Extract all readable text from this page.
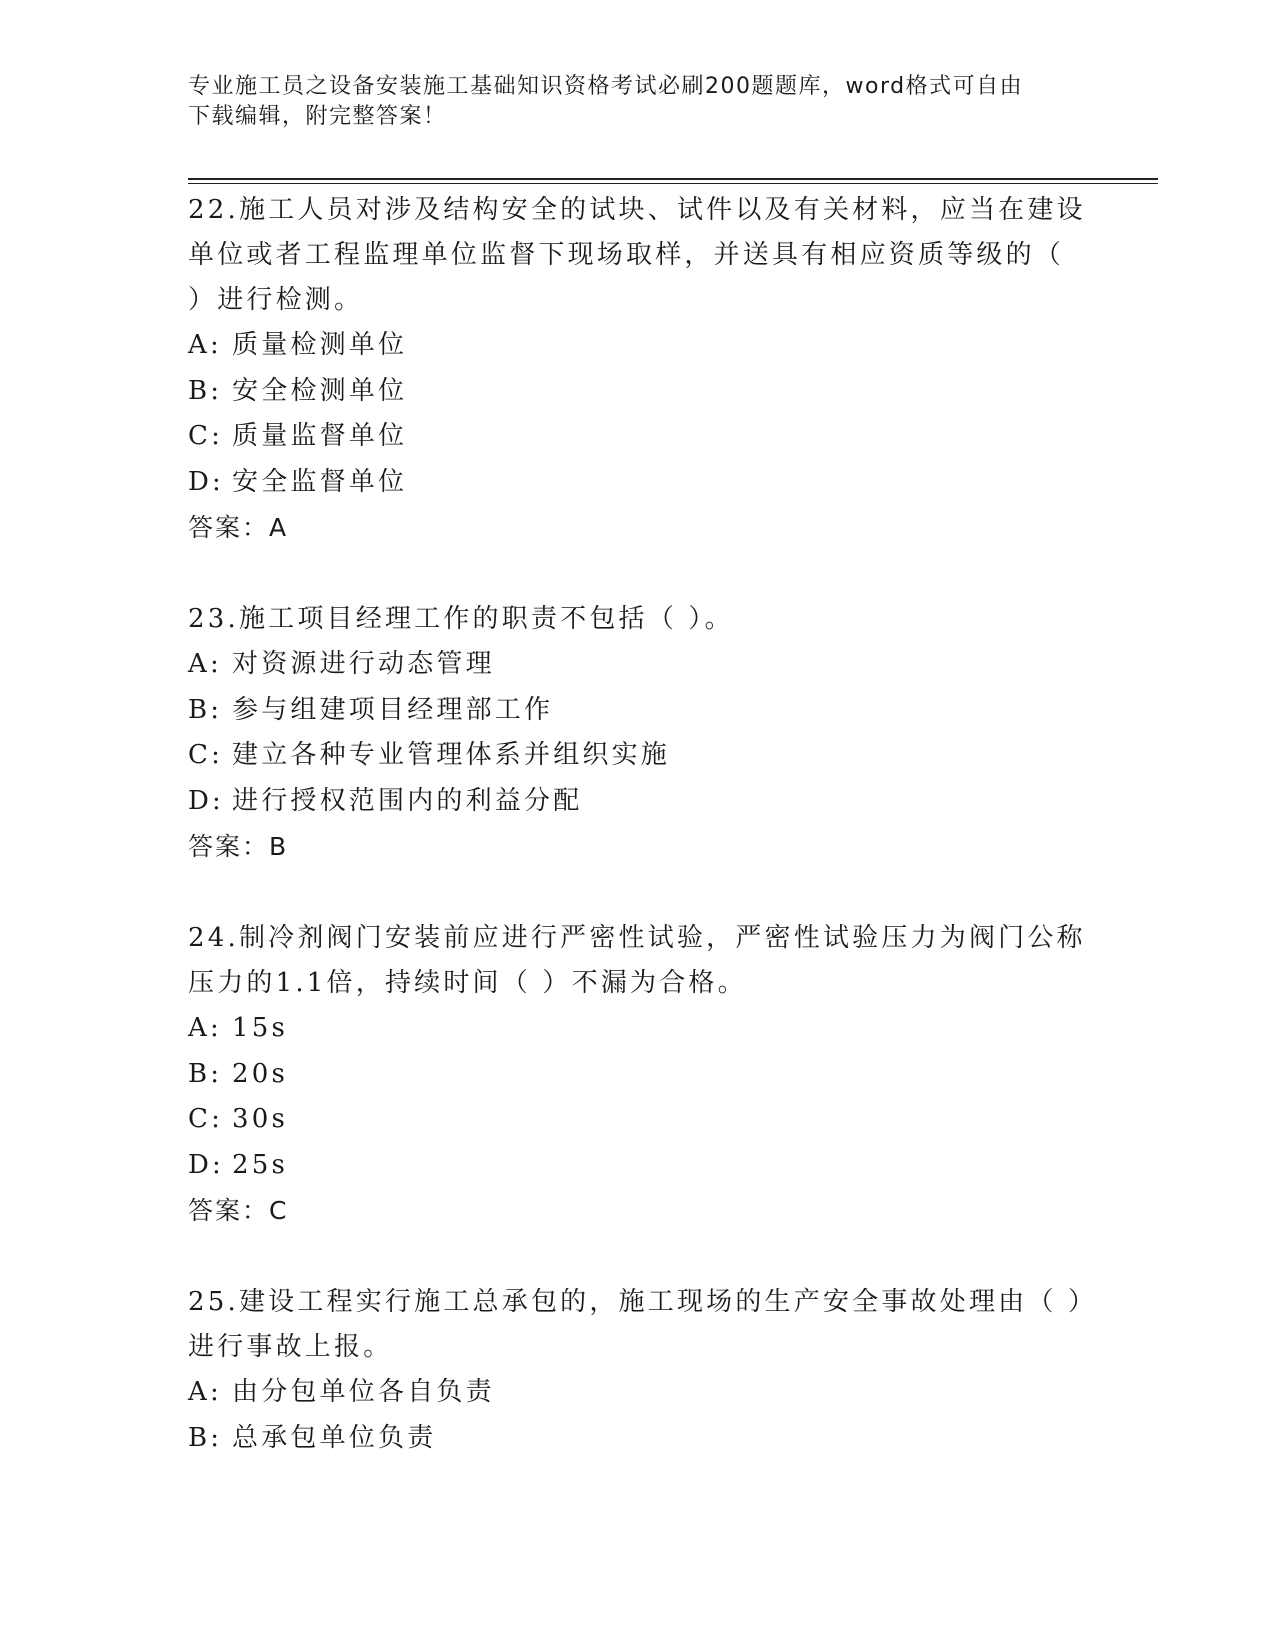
专业施工员之设备安装施工基础知识资格考试必刷200题题库，word格式可自由
下载编辑，附完整答案！

22.施工人员对涉及结构安全的试块、试件以及有关材料，应当在建设单位或者工程监理单位监督下现场取样，并送具有相应资质等级的（ ）进行检测。

A: 质量检测单位

B: 安全检测单位

C: 质量监督单位

D: 安全监督单位

答案：A

23.施工项目经理工作的职责不包括（ ）。

A: 对资源进行动态管理

B: 参与组建项目经理部工作

C: 建立各种专业管理体系并组织实施

D: 进行授权范围内的利益分配

答案：B

24.制冷剂阀门安装前应进行严密性试验，严密性试验压力为阀门公称压力的1.1倍，持续时间（ ）不漏为合格。

A: 15s

B: 20s

C: 30s

D: 25s

答案：C

25.建设工程实行施工总承包的，施工现场的生产安全事故处理由（ ）进行事故上报。

A: 由分包单位各自负责

B: 总承包单位负责
